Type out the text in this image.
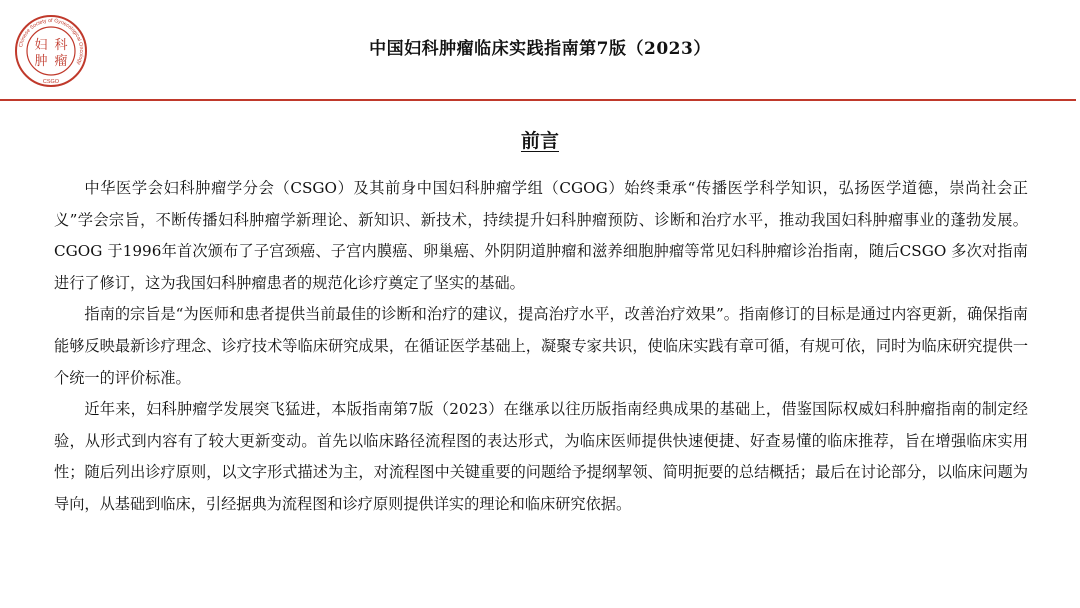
Chinese Society of Gynecological Oncology
妇 科
肿 瘤
CSGO
中国妇科肿瘤临床实践指南第7版（2023）
前言

中华医学会妇科肿瘤学分会（CSGO）及其前身中国妇科肿瘤学组（CGOG）始终秉承“传播医学科学知识，弘扬医学道德，崇尚社会正义”学会宗旨，不断传播妇科肿瘤学新理论、新知识、新技术，持续提升妇科肿瘤预防、诊断和治疗水平，推动我国妇科肿瘤事业的蓬勃发展。CGOG 于1996年首次颁布了子宫颈癌、子宫内膜癌、卵巢癌、外阴阴道肿瘤和滋养细胞肿瘤等常见妇科肿瘤诊治指南，随后CSGO 多次对指南进行了修订，这为我国妇科肿瘤患者的规范化诊疗奠定了坚实的基础。

指南的宗旨是“为医师和患者提供当前最佳的诊断和治疗的建议，提高治疗水平，改善治疗效果”。指南修订的目标是通过内容更新，确保指南能够反映最新诊疗理念、诊疗技术等临床研究成果，在循证医学基础上，凝聚专家共识，使临床实践有章可循，有规可依，同时为临床研究提供一个统一的评价标准。

近年来，妇科肿瘤学发展突飞猛进，本版指南第7版（2023）在继承以往历版指南经典成果的基础上，借鉴国际权威妇科肿瘤指南的制定经验，从形式到内容有了较大更新变动。首先以临床路径流程图的表达形式，为临床医师提供快速便捷、好查易懂的临床推荐，旨在增强临床实用性；随后列出诊疗原则，以文字形式描述为主，对流程图中关键重要的问题给予提纲挈领、简明扼要的总结概括；最后在讨论部分，以临床问题为导向，从基础到临床，引经据典为流程图和诊疗原则提供详实的理论和临床研究依据。
